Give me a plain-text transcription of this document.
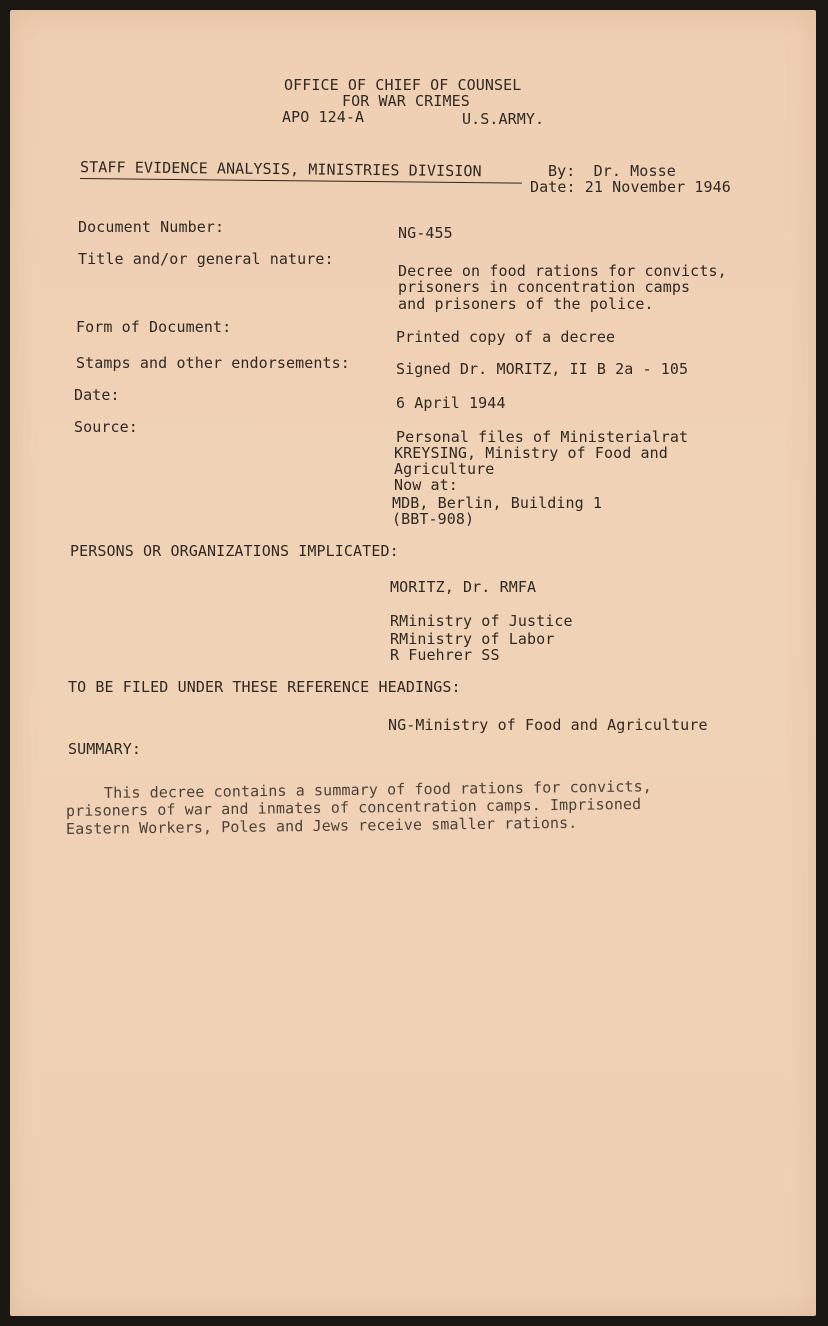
OFFICE OF CHIEF OF COUNSEL
FOR WAR CRIMES
APO 124-A	U.S.ARMY.
STAFF EVIDENCE ANALYSIS, MINISTRIES DIVISION	By:  Dr. Mosse
Date: 21 November 1946
Document Number:	NG-455
Title and/or general nature:
Decree on food rations for convicts,
prisoners in concentration camps
and prisoners of the police.
Form of Document:
Printed copy of a decree
Stamps and other endorsements:	Signed Dr. MORITZ, II B 2a - 105
Date:	6 April 1944
Source:
Personal files of Ministerialrat
KREYSING, Ministry of Food and
Agriculture
Now at:
MDB, Berlin, Building 1
(BBT-908)
PERSONS OR ORGANIZATIONS IMPLICATED:
MORITZ, Dr. RMFA
RMinistry of Justice
RMinistry of Labor
R Fuehrer SS
TO BE FILED UNDER THESE REFERENCE HEADINGS:
NG-Ministry of Food and Agriculture
SUMMARY:
This decree contains a summary of food rations for convicts,
prisoners of war and inmates of concentration camps. Imprisoned
Eastern Workers, Poles and Jews receive smaller rations.
